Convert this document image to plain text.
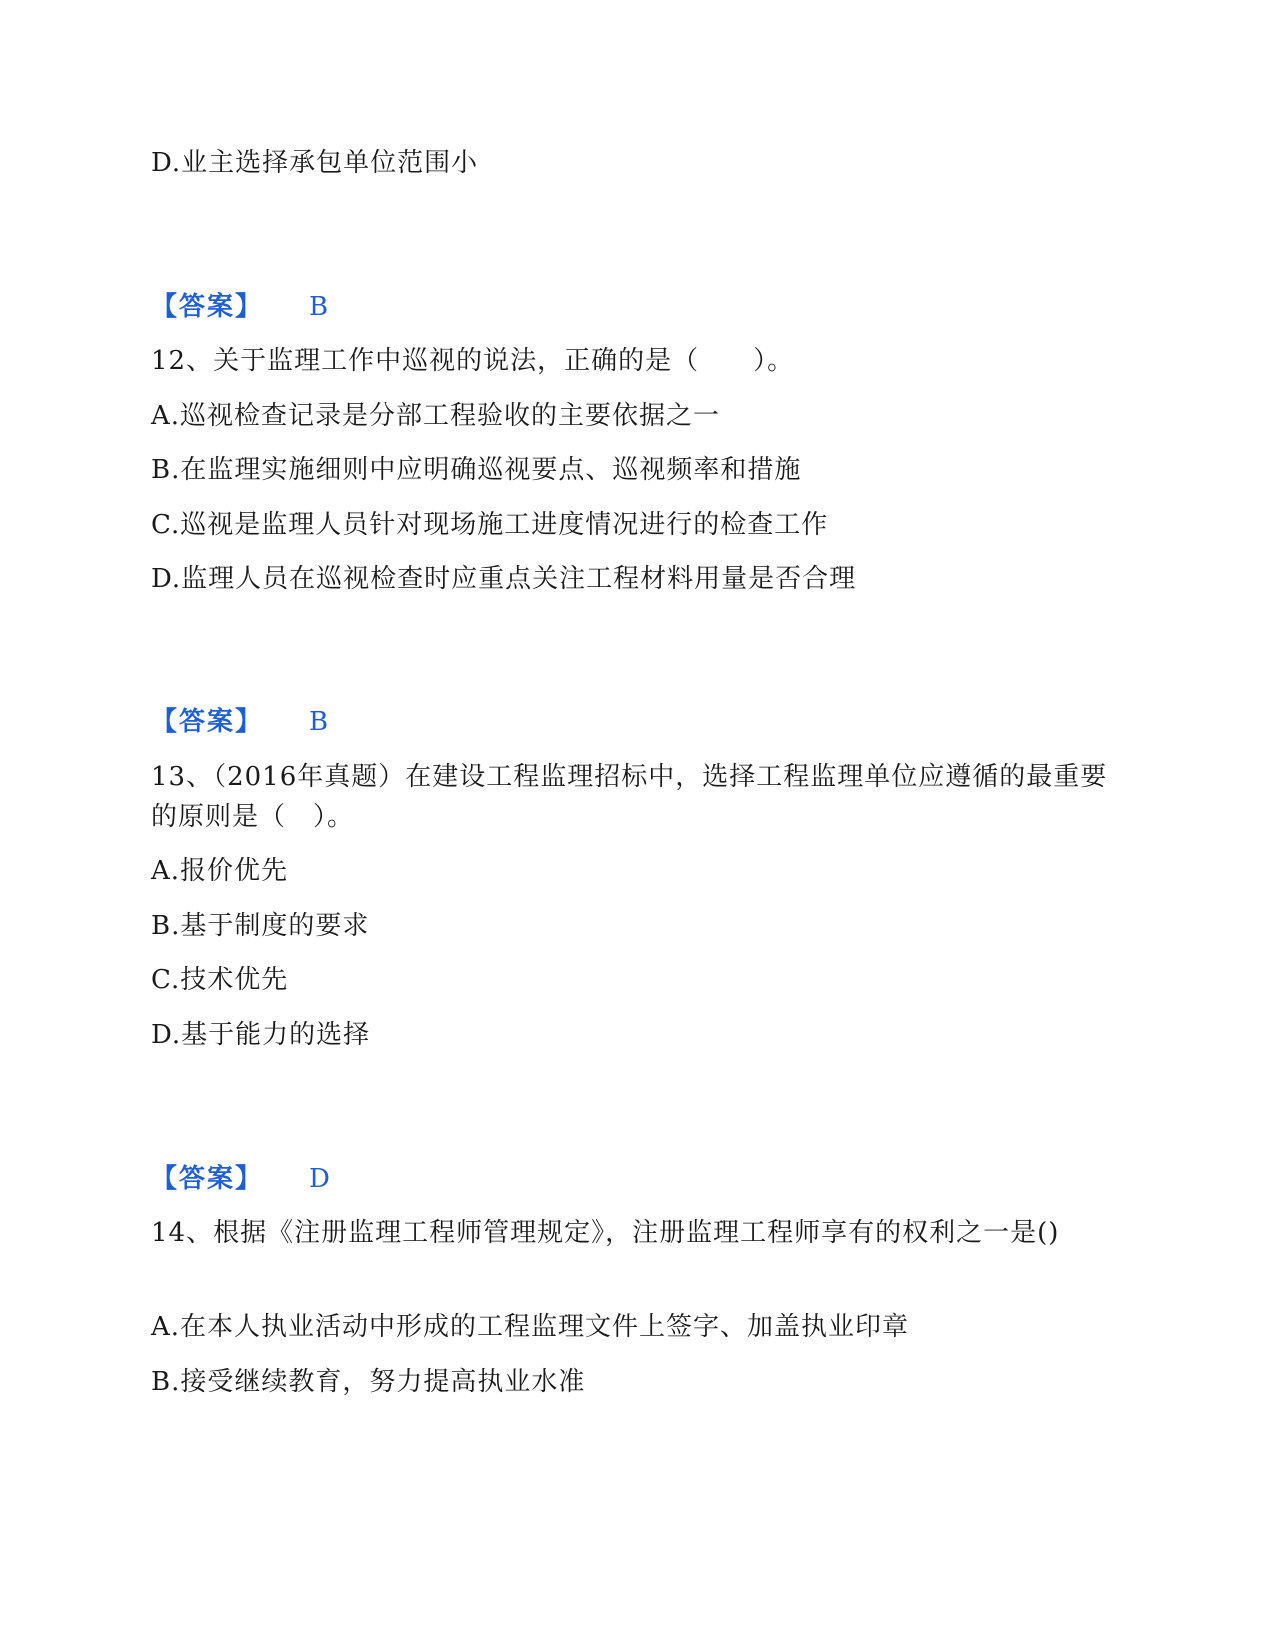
D.业主选择承包单位范围小
【答案】 B
12、关于监理工作中巡视的说法，正确的是（　　）。
A.巡视检查记录是分部工程验收的主要依据之一
B.在监理实施细则中应明确巡视要点、巡视频率和措施
C.巡视是监理人员针对现场施工进度情况进行的检查工作
D.监理人员在巡视检查时应重点关注工程材料用量是否合理
【答案】 B
13、（2016年真题）在建设工程监理招标中，选择工程监理单位应遵循的最重要的原则是（　）。
A.报价优先
B.基于制度的要求
C.技术优先
D.基于能力的选择
【答案】 D
14、根据《注册监理工程师管理规定》，注册监理工程师享有的权利之一是()
A.在本人执业活动中形成的工程监理文件上签字、加盖执业印章
B.接受继续教育，努力提高执业水准
